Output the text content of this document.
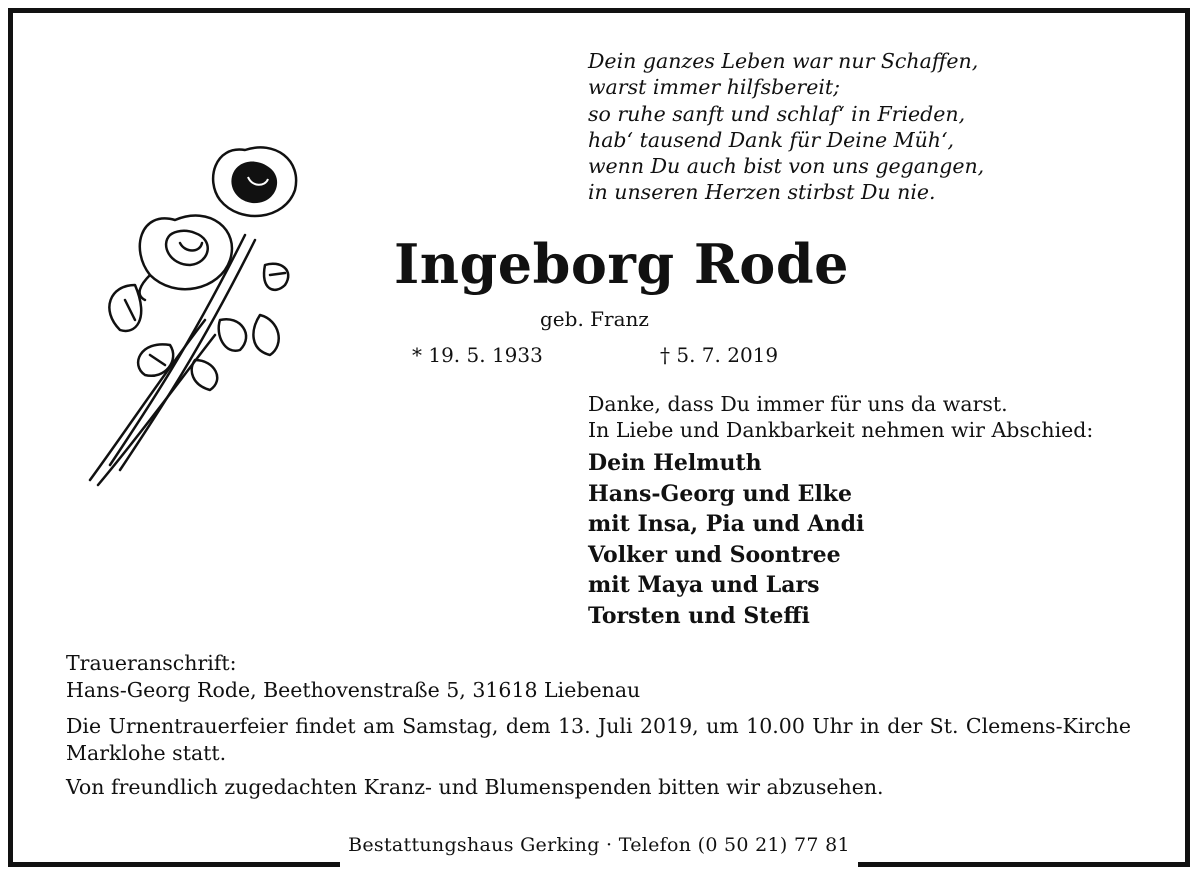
Dein ganzes Leben war nur Schaffen,
warst immer hilfsbereit;
so ruhe sanft und schlaf‘ in Frieden,
hab‘ tausend Dank für Deine Müh‘,
wenn Du auch bist von uns gegangen,
in unseren Herzen stirbst Du nie.
Ingeborg Rode
geb. Franz
* 19. 5. 1933	† 5. 7. 2019
Danke, dass Du immer für uns da warst.
In Liebe und Dankbarkeit nehmen wir Abschied:
Dein Helmuth
Hans-Georg und Elke
mit Insa, Pia und Andi
Volker und Soontree
mit Maya und Lars
Torsten und Steffi
Traueranschrift:
Hans-Georg Rode, Beethovenstraße 5, 31618 Liebenau
Die Urnentrauerfeier findet am Samstag, dem 13. Juli 2019, um 10.00 Uhr in der St. Clemens-Kirche Marklohe statt.
Von freundlich zugedachten Kranz- und Blumenspenden bitten wir abzusehen.
Bestattungshaus Gerking · Telefon (0 50 21) 77 81
